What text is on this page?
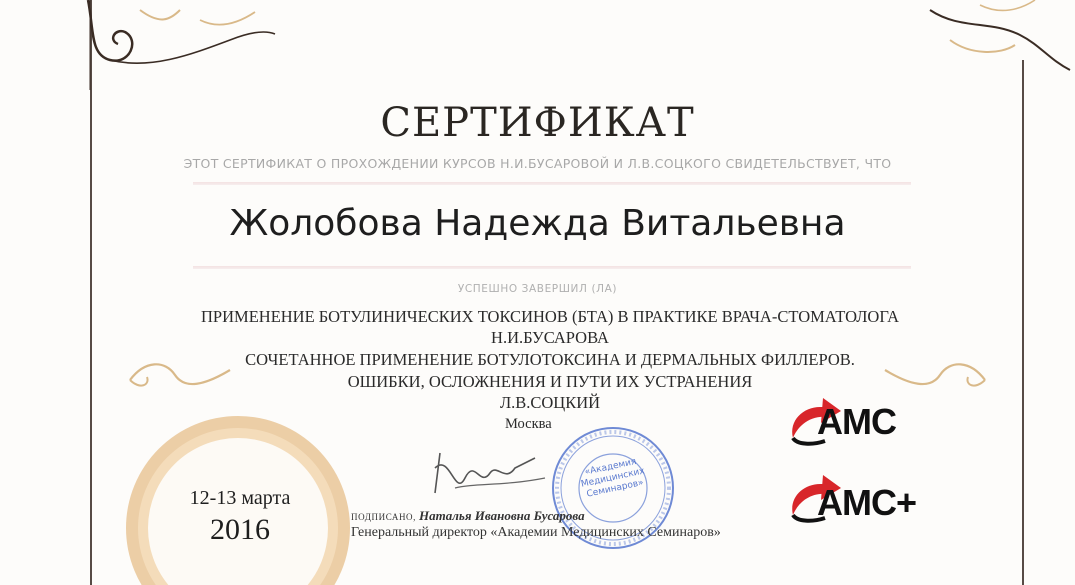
СЕРТИФИКАТ
ЭТОТ СЕРТИФИКАТ О ПРОХОЖДЕНИИ КУРСОВ Н.И.БУСАРОВОЙ И Л.В.СОЦКОГО СВИДЕТЕЛЬСТВУЕТ, ЧТО
Жолобова Надежда Витальевна
УСПЕШНО ЗАВЕРШИЛ (ЛА)
ПРИМЕНЕНИЕ БОТУЛИНИЧЕСКИХ ТОКСИНОВ (БТА) В ПРАКТИКЕ ВРАЧА-СТОМАТОЛОГА
Н.И.БУСАРОВА
СОЧЕТАННОЕ ПРИМЕНЕНИЕ БОТУЛОТОКСИНА И ДЕРМАЛЬНЫХ ФИЛЛЕРОВ.
ОШИБКИ, ОСЛОЖНЕНИЯ И ПУТИ ИХ УСТРАНЕНИЯ
Л.В.СОЦКИЙ
Москва
12-13 марта
2016
«Академия Медицинских Семинаров»
ПОДПИСАНО, Наталья Ивановна Бусарова
Генеральный директор «Академии Медицинских Семинаров»
AMC
AMC+
